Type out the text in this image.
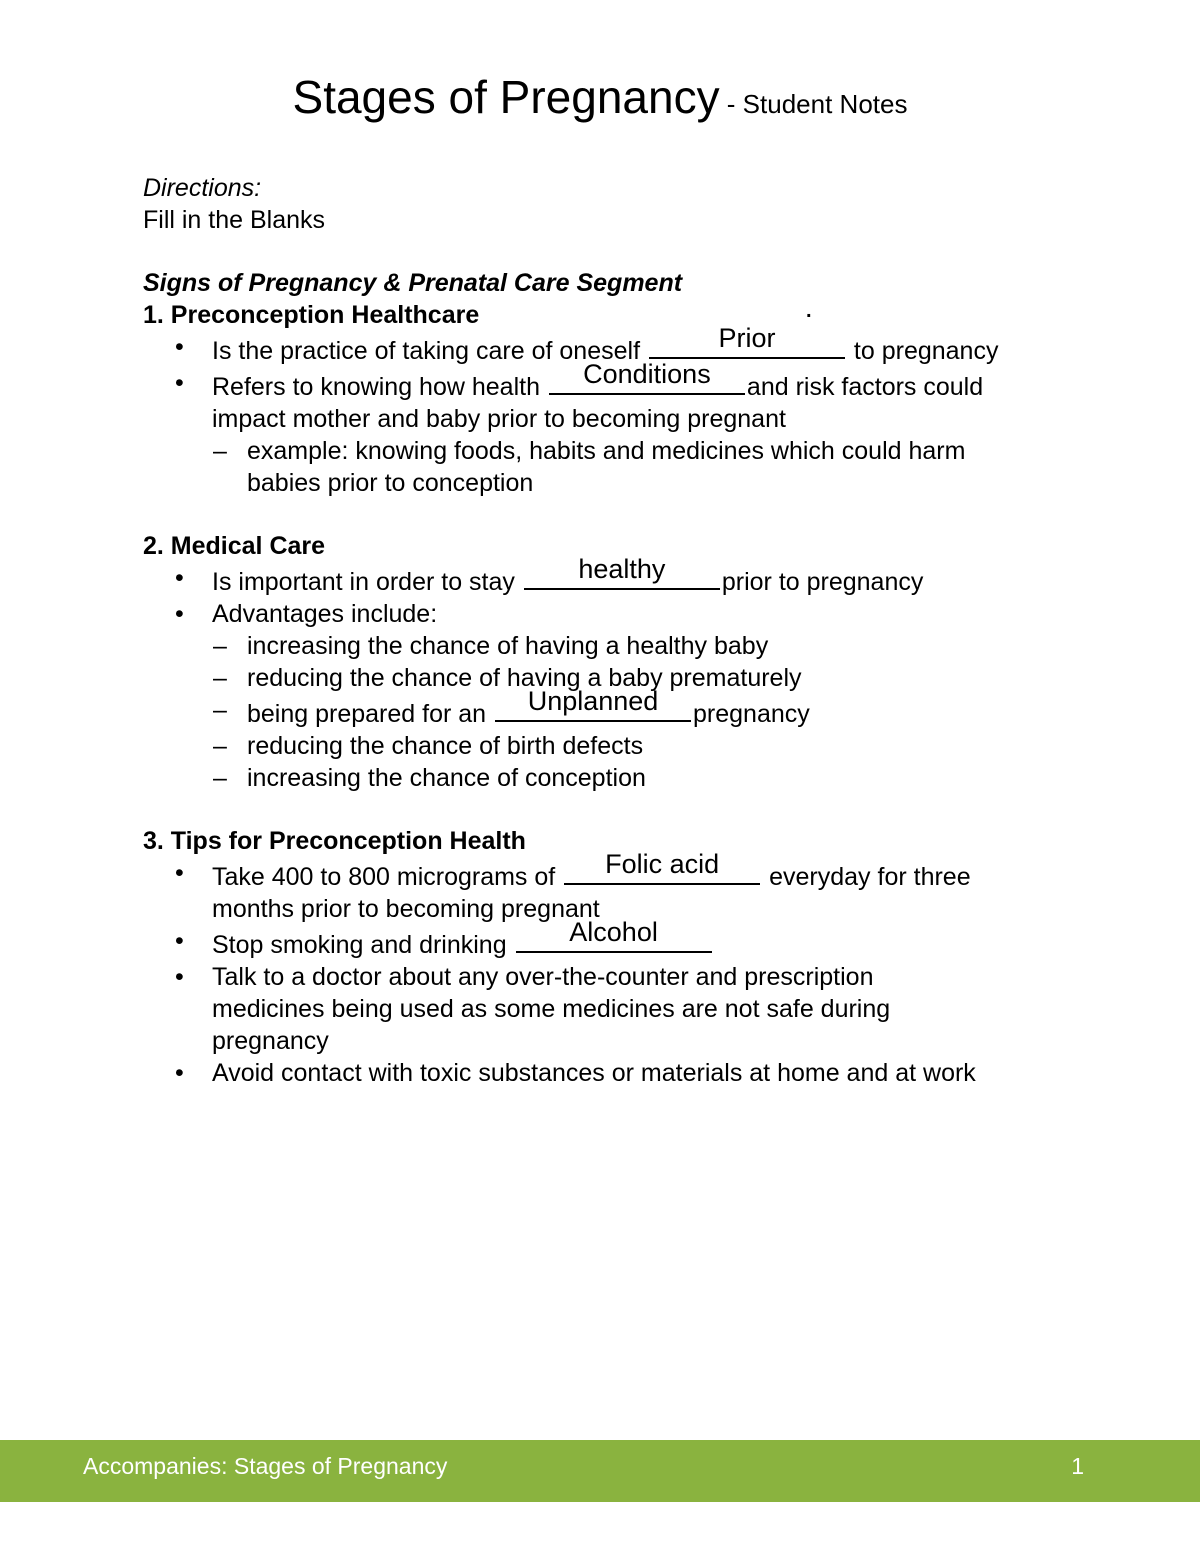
Stages of Pregnancy - Student Notes
Directions:
Fill in the Blanks
Signs of Pregnancy & Prenatal Care Segment
1. Preconception Healthcare	.
• Is the practice of taking care of oneself	Prior	to pregnancy
• Refers to knowing how health	Conditions	and risk factors could
impact mother and baby prior to becoming pregnant
– example: knowing foods, habits and medicines which could harm
babies prior to conception
2. Medical Care
• Is important in order to stay	healthy	prior to pregnancy
• Advantages include:
– increasing the chance of having a healthy baby
– reducing the chance of having a baby prematurely
– being prepared for an	Unplanned	pregnancy
– reducing the chance of birth defects
– increasing the chance of conception
3. Tips for Preconception Health
• Take 400 to 800 micrograms of	Folic acid	everyday for three
months prior to becoming pregnant
• Stop smoking and drinking	Alcohol
• Talk to a doctor about any over-the-counter and prescription
medicines being used as some medicines are not safe during
pregnancy
• Avoid contact with toxic substances or materials at home and at work
Accompanies: Stages of Pregnancy	1
